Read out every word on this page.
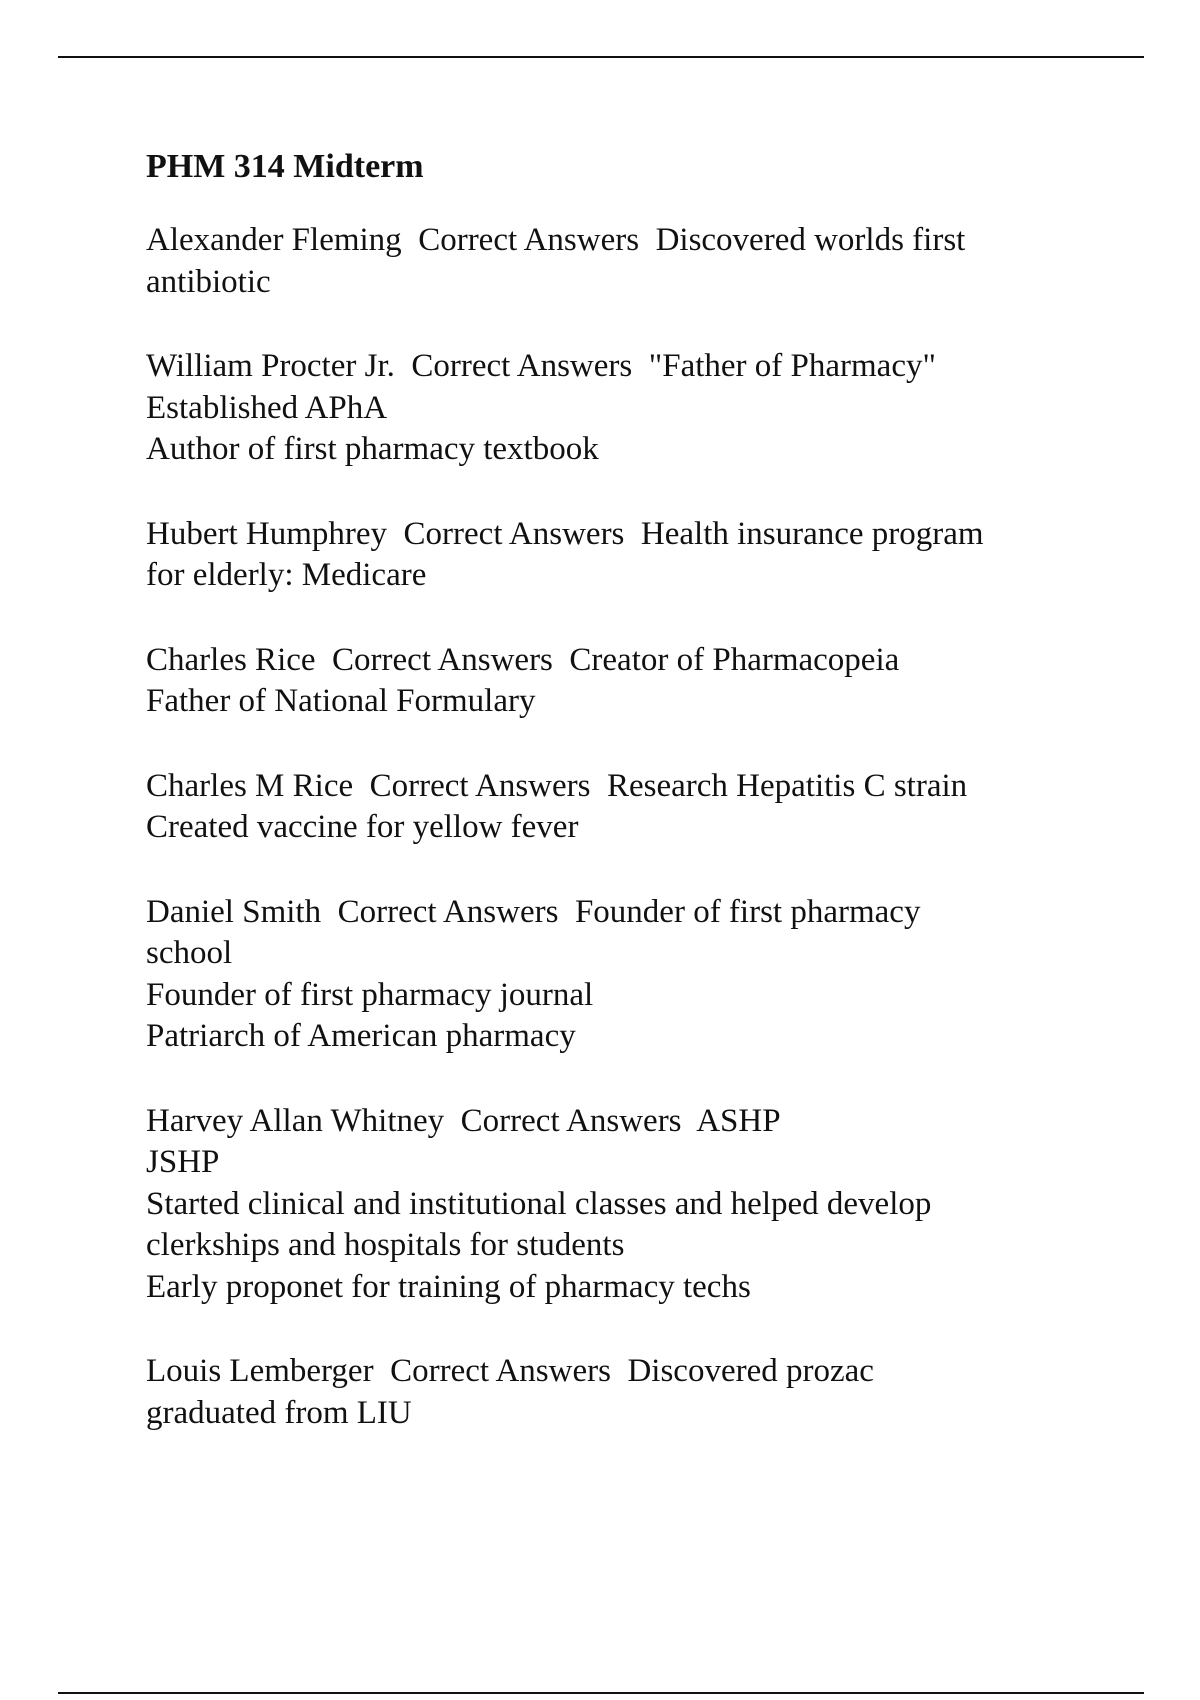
PHM 314 Midterm
Alexander Fleming Correct Answers Discovered worlds first
antibiotic
William Procter Jr. Correct Answers "Father of Pharmacy"
Established APhA
Author of first pharmacy textbook
Hubert Humphrey Correct Answers Health insurance program
for elderly: Medicare
Charles Rice Correct Answers Creator of Pharmacopeia
Father of National Formulary
Charles M Rice Correct Answers Research Hepatitis C strain
Created vaccine for yellow fever
Daniel Smith Correct Answers Founder of first pharmacy
school
Founder of first pharmacy journal
Patriarch of American pharmacy
Harvey Allan Whitney Correct Answers ASHP
JSHP
Started clinical and institutional classes and helped develop
clerkships and hospitals for students
Early proponet for training of pharmacy techs
Louis Lemberger Correct Answers Discovered prozac
graduated from LIU
